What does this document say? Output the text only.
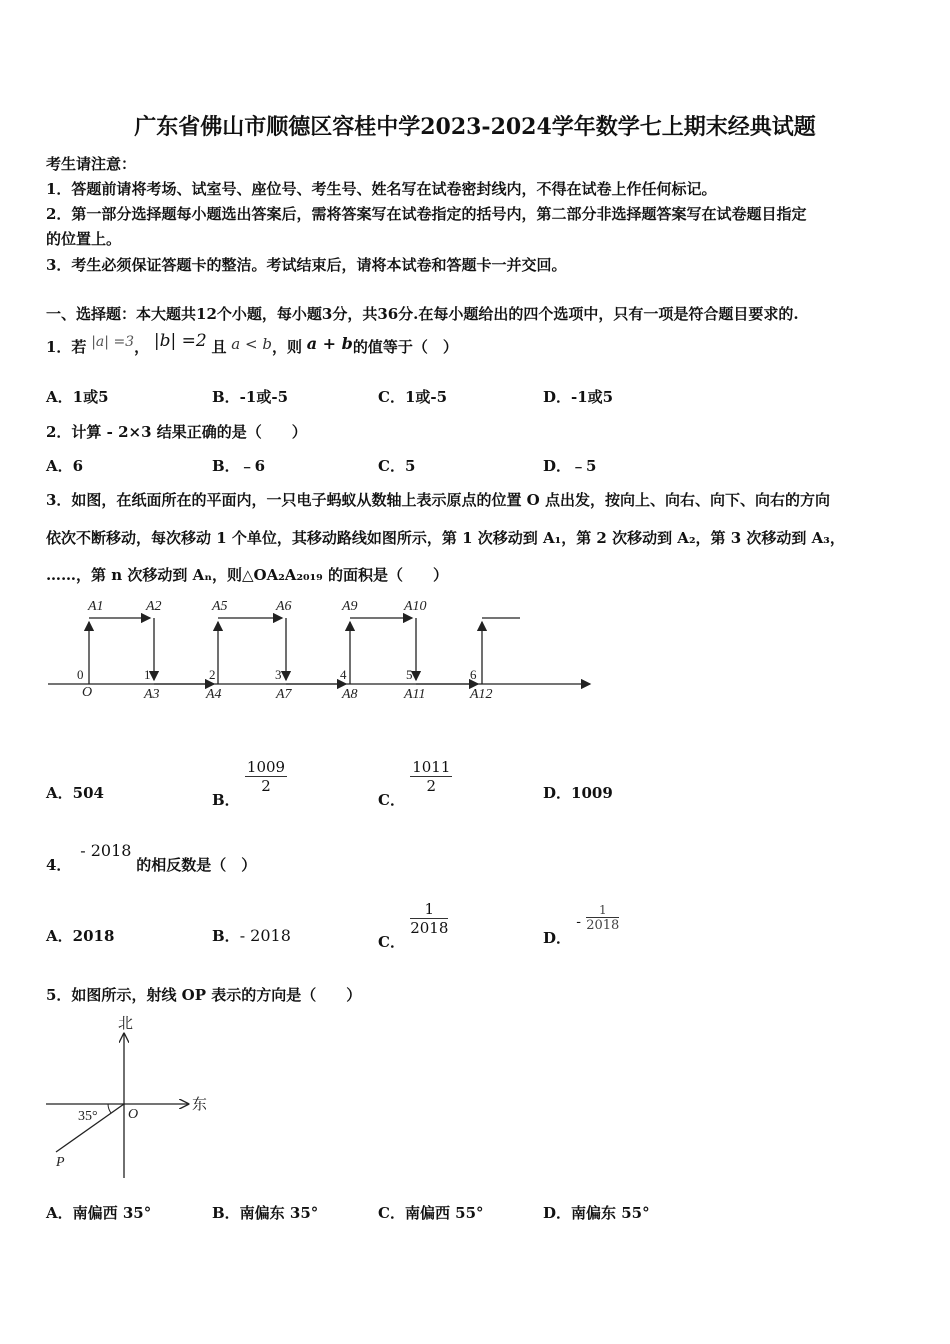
广东省佛山市顺德区容桂中学2023-2024学年数学七上期末经典试题
考生请注意：
1．答题前请将考场、试室号、座位号、考生号、姓名写在试卷密封线内，不得在试卷上作任何标记。
2．第一部分选择题每小题选出答案后，需将答案写在试卷指定的括号内，第二部分非选择题答案写在试卷题目指定
的位置上。
3．考生必须保证答题卡的整洁。考试结束后，请将本试卷和答题卡一并交回。
一、选择题：本大题共12个小题，每小题3分，共36分.在每小题给出的四个选项中，只有一项是符合题目要求的.
1．若 |a| =3， |b| =2 且 a < b，则 a + b的值等于（　）
A．1或5	B．-1或-5	C．1或-5	D．-1或5
2．计算 - 2×3 结果正确的是（　　）
A．6	B．﹣6	C．5	D．﹣5
3．如图，在纸面所在的平面内，一只电子蚂蚁从数轴上表示原点的位置 O 点出发，按向上、向右、向下、向右的方向
依次不断移动，每次移动 1 个单位，其移动路线如图所示，第 1 次移动到 A₁，第 2 次移动到 A₂，第 3 次移动到 A₃，
……，第 n 次移动到 Aₙ，则△OA₂A₂₀₁₉ 的面积是（　　）
A1	A2	A5	A6	A9	A10
A3	A4	A7	A8	A11	A12
O
0	1	2	3	4	5	6
A．504	B．
$\frac{1009}{2}$
C．
$\frac{1011}{2}$	D．1009
4． - 2018 的相反数是（　）
A．2018	B．- 2018	C．
$\frac{1}{2018}$
D． - $\frac{1}{2018}$
5．如图所示，射线 OP 表示的方向是（　　）
北
东
35° O
P
A．南偏西 35°	B．南偏东 35°	C．南偏西 55°	D．南偏东 55°
